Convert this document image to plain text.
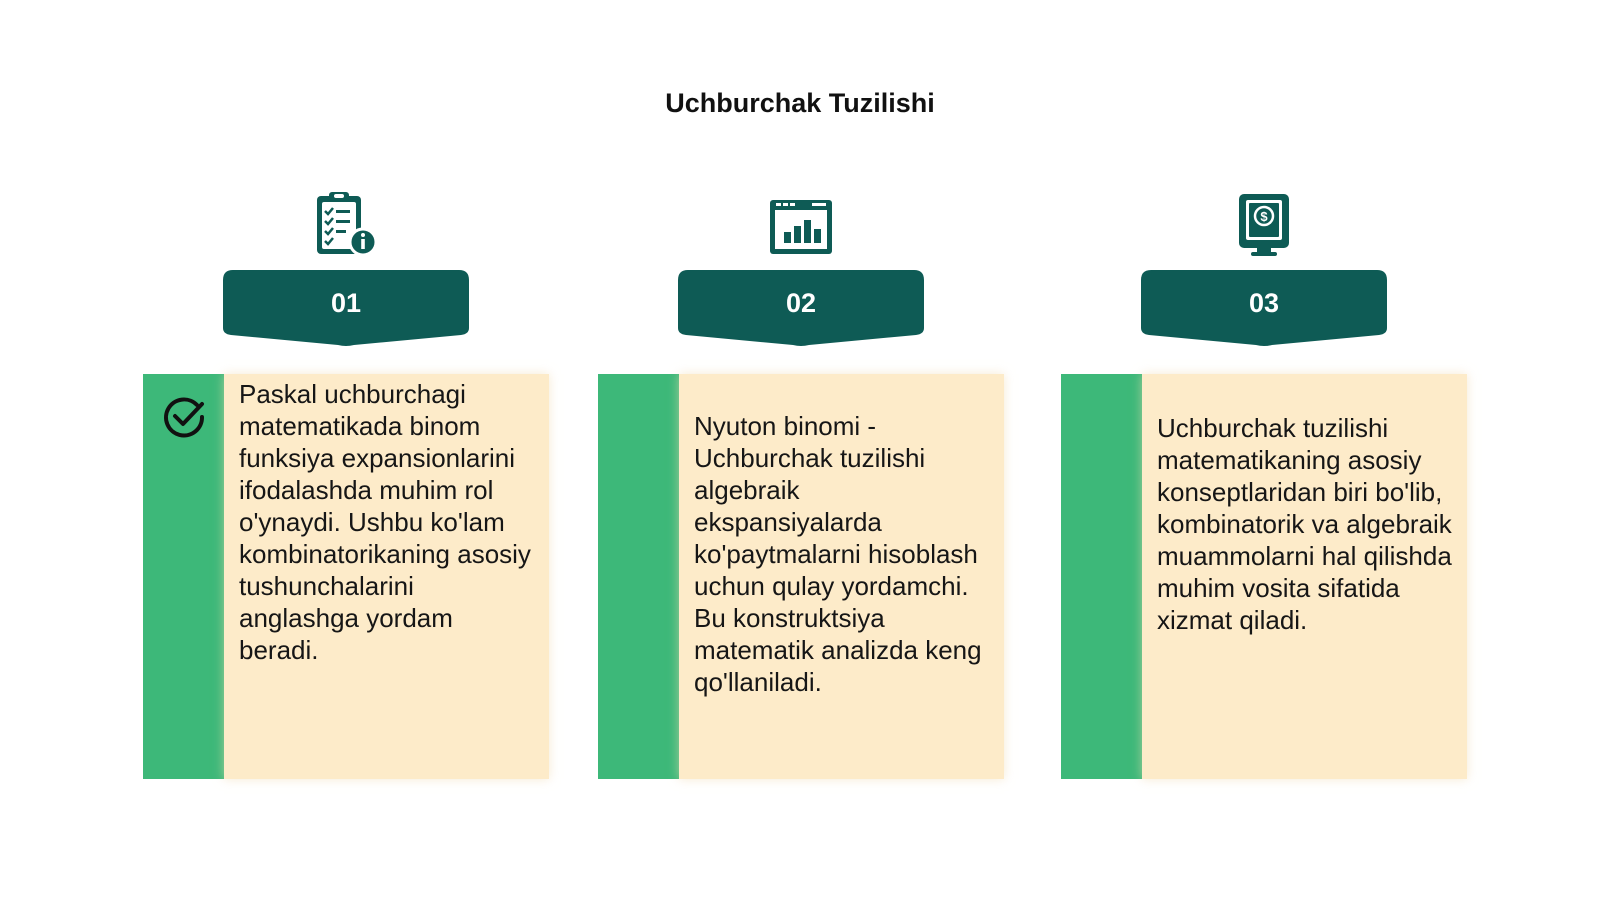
Uchburchak Tuzilishi
01
Paskal uchburchagi matematikada binom funksiya expansionlarini ifodalashda muhim rol o'ynaydi. Ushbu ko'lam kombinatorikaning asosiy tushunchalarini anglashga yordam beradi.
02
Nyuton binomi - Uchburchak tuzilishi algebraik ekspansiyalarda ko'paytmalarni hisoblash uchun qulay yordamchi. Bu konstruktsiya matematik analizda keng qo'llaniladi.
$
03
Uchburchak tuzilishi matematikaning asosiy konseptlaridan biri bo'lib, kombinatorik va algebraik muammolarni hal qilishda muhim vosita sifatida xizmat qiladi.
